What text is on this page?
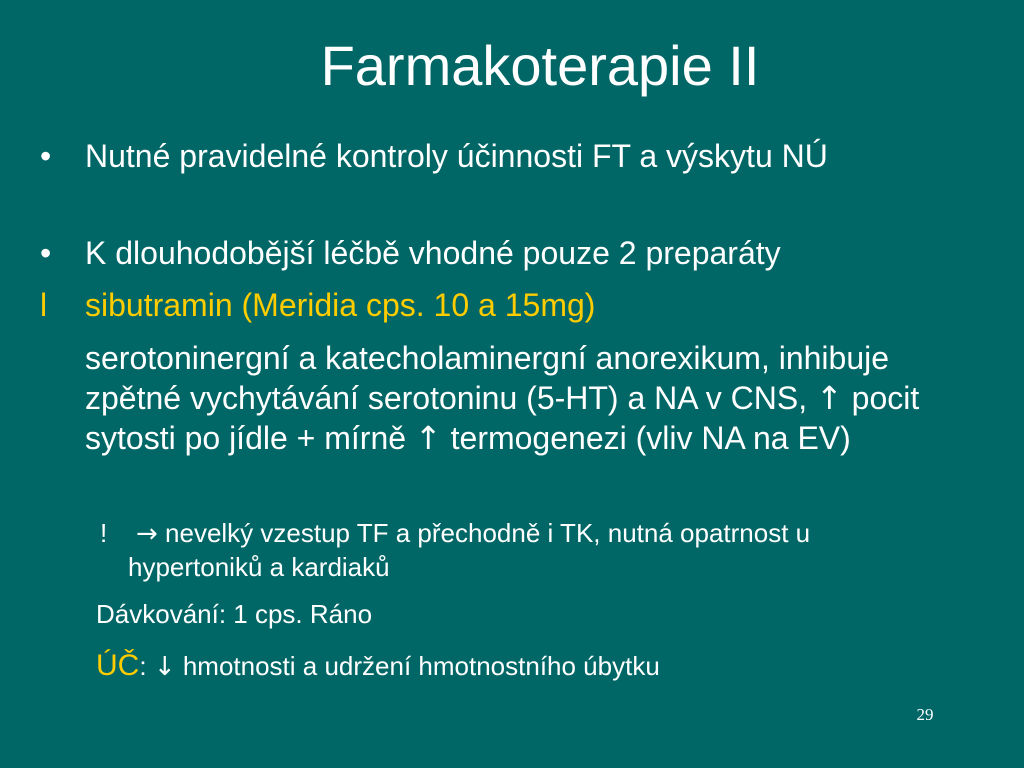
Farmakoterapie II
•	Nutné pravidelné kontroly účinnosti FT a výskytu NÚ
•	K dlouhodobější léčbě vhodné pouze 2 preparáty
l	sibutramin (Meridia cps. 10 a 15mg)
serotoninergní a katecholaminergní anorexikum, inhibuje zpětné vychytávání serotoninu (5-HT) a NA v CNS, ↑ pocit sytosti po jídle + mírně ↑ termogenezi (vliv NA na EV)
!	→ nevelký vzestup TF a přechodně i TK, nutná opatrnost u hypertoniků a kardiaků
Dávkování: 1 cps. Ráno
ÚČ: ↓ hmotnosti a udržení hmotnostního úbytku
29
